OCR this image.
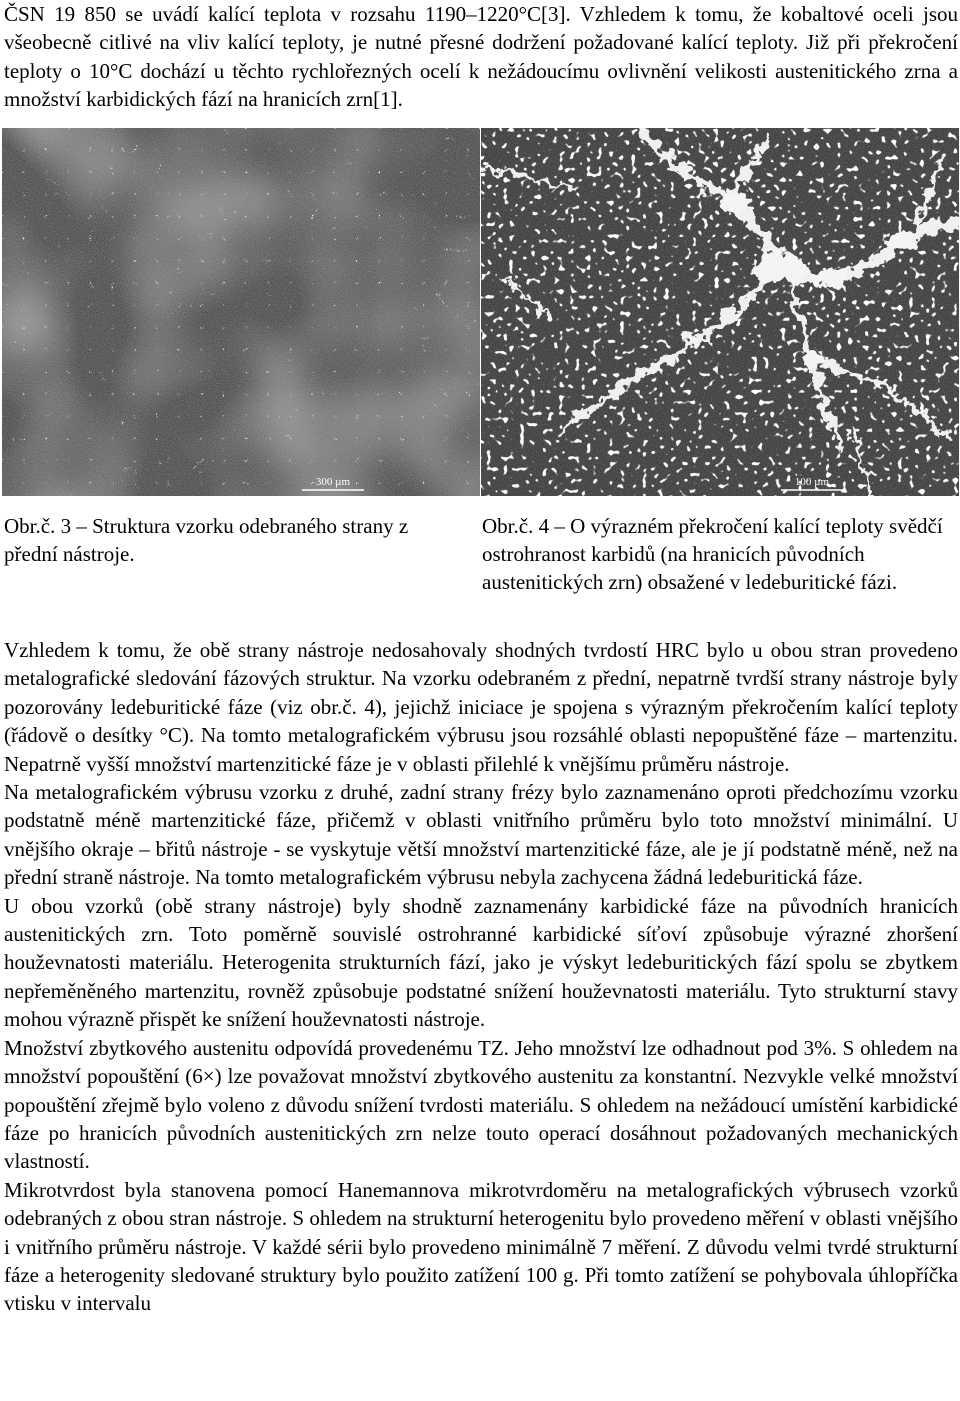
ČSN 19 850 se uvádí kalící teplota v rozsahu 1190–1220°C[3]. Vzhledem k tomu, že kobaltové oceli jsou všeobecně citlivé na vliv kalící teploty, je nutné přesné dodržení požadované kalící teploty. Již při překročení teploty o 10°C dochází u těchto rychlořezných ocelí k nežádoucímu ovlivnění velikosti austenitického zrna a množství karbidických fází na hranicích zrn[1].

300 µm	100 µm

Obr.č. 3 – Struktura vzorku odebraného strany z přední nástroje.

Obr.č. 4 – O výrazném překročení kalící teploty svědčí ostrohranost karbidů (na hranicích původních austenitických zrn) obsažené v ledeburitické fázi.

Vzhledem k tomu, že obě strany nástroje nedosahovaly shodných tvrdostí HRC bylo u obou stran provedeno metalografické sledování fázových struktur. Na vzorku odebraném z přední, nepatrně tvrdší strany nástroje byly pozorovány ledeburitické fáze (viz obr.č. 4), jejichž iniciace je spojena s výrazným překročením kalící teploty (řádově o desítky °C). Na tomto metalografickém výbrusu jsou rozsáhlé oblasti nepopuštěné fáze – martenzitu. Nepatrně vyšší množství martenzitické fáze je v oblasti přilehlé k vnějšímu průměru nástroje.

Na metalografickém výbrusu vzorku z druhé, zadní strany frézy bylo zaznamenáno oproti předchozímu vzorku podstatně méně martenzitické fáze, přičemž v oblasti vnitřního průměru bylo toto množství minimální. U vnějšího okraje – břitů nástroje - se vyskytuje větší množství martenzitické fáze, ale je jí podstatně méně, než na přední straně nástroje. Na tomto metalografickém výbrusu nebyla zachycena žádná ledeburitická fáze.

U obou vzorků (obě strany nástroje) byly shodně zaznamenány karbidické fáze na původních hranicích austenitických zrn. Toto poměrně souvislé ostrohranné karbidické síťoví způsobuje výrazné zhoršení houževnatosti materiálu. Heterogenita strukturních fází, jako je výskyt ledeburitických fází spolu se zbytkem nepřeměněného martenzitu, rovněž způsobuje podstatné snížení houževnatosti materiálu. Tyto strukturní stavy mohou výrazně přispět ke snížení houževnatosti nástroje.

Množství zbytkového austenitu odpovídá provedenému TZ. Jeho množství lze odhadnout pod 3%. S ohledem na množství popouštění (6×) lze považovat množství zbytkového austenitu za konstantní. Nezvykle velké množství popouštění zřejmě bylo voleno z důvodu snížení tvrdosti materiálu. S ohledem na nežádoucí umístění karbidické fáze po hranicích původních austenitických zrn nelze touto operací dosáhnout požadovaných mechanických vlastností.

Mikrotvrdost byla stanovena pomocí Hanemannova mikrotvrdoměru na metalografických výbrusech vzorků odebraných z obou stran nástroje. S ohledem na strukturní heterogenitu bylo provedeno měření v oblasti vnějšího i vnitřního průměru nástroje. V každé sérii bylo provedeno minimálně 7 měření. Z důvodu velmi tvrdé strukturní fáze a heterogenity sledované struktury bylo použito zatížení 100 g. Při tomto zatížení se pohybovala úhlopříčka vtisku v intervalu
